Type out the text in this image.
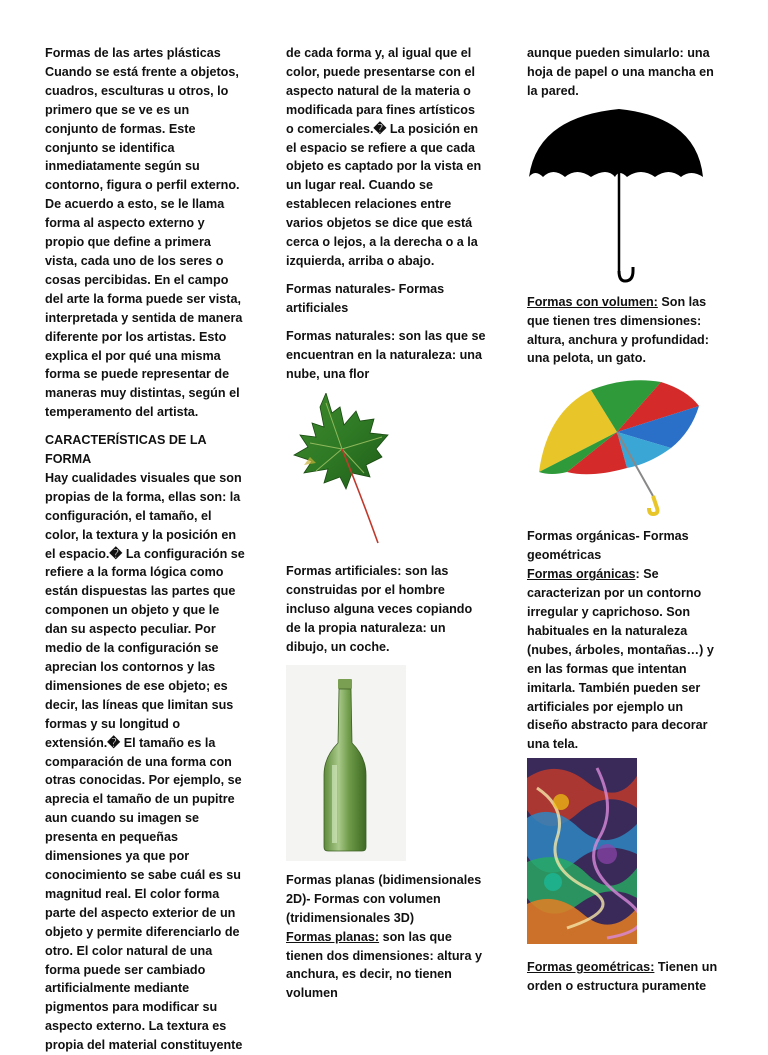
Formas de las artes plásticas

Cuando se está frente a objetos, cuadros, esculturas u otros, lo primero que se ve es un conjunto de formas. Este conjunto se identifica inmediatamente según su contorno, figura o perfil externo. De acuerdo a esto, se le llama forma al aspecto externo y propio que define a primera vista, cada uno de los seres o cosas percibidas. En el campo del arte la forma puede ser vista, interpretada y sentida de manera diferente por los artistas. Esto explica el por qué una misma forma se puede representar de maneras muy distintas, según el temperamento del artista.

CARACTERÍSTICAS DE LA FORMA

Hay cualidades visuales que son propias de la forma, ellas son: la configuración, el tamaño, el color, la textura y la posición en el espacio.� La configuración se refiere a la forma lógica como están dispuestas las partes que componen un objeto y que le dan su aspecto peculiar. Por medio de la configuración se aprecian los contornos y las dimensiones de ese objeto; es decir, las líneas que limitan sus formas y su longitud o extensión.� El tamaño es la comparación de una forma con otras conocidas. Por ejemplo, se aprecia el tamaño de un pupitre aun cuando su imagen se presenta en pequeñas dimensiones ya que por conocimiento se sabe cuál es su magnitud real. El color forma parte del aspecto exterior de un objeto y permite diferenciarlo de otro. El color natural de una forma puede ser cambiado artificialmente mediante pigmentos para modificar su aspecto externo. La textura es propia del material constituyente

de cada forma y, al igual que el color, puede presentarse con el aspecto natural de la materia o modificada para fines artísticos o comerciales.� La posición en el espacio se refiere a que cada objeto es captado por la vista en un lugar real. Cuando se establecen relaciones entre varios objetos se dice que está cerca o lejos, a la derecha o a la izquierda, arriba o abajo.

Formas naturales- Formas artificiales

Formas naturales: son las que se encuentran en la naturaleza: una nube, una flor

Formas artificiales: son las construidas por el hombre incluso alguna veces copiando de la propia naturaleza: un dibujo, un coche.

Formas planas (bidimensionales 2D)- Formas con volumen (tridimensionales 3D)

Formas planas: son las que tienen dos dimensiones: altura y anchura, es decir, no tienen volumen

aunque pueden simularlo: una hoja de papel o una mancha en la pared.

Formas con volumen: Son las que tienen tres dimensiones: altura, anchura y profundidad: una pelota, un gato.

Formas orgánicas- Formas geométricas

Formas orgánicas: Se caracterizan por un contorno irregular y caprichoso. Son habituales en la naturaleza (nubes, árboles, montañas…) y en las formas que intentan imitarla. También pueden ser artificiales por ejemplo un diseño abstracto para decorar una tela.

Formas geométricas: Tienen un orden o estructura puramente
